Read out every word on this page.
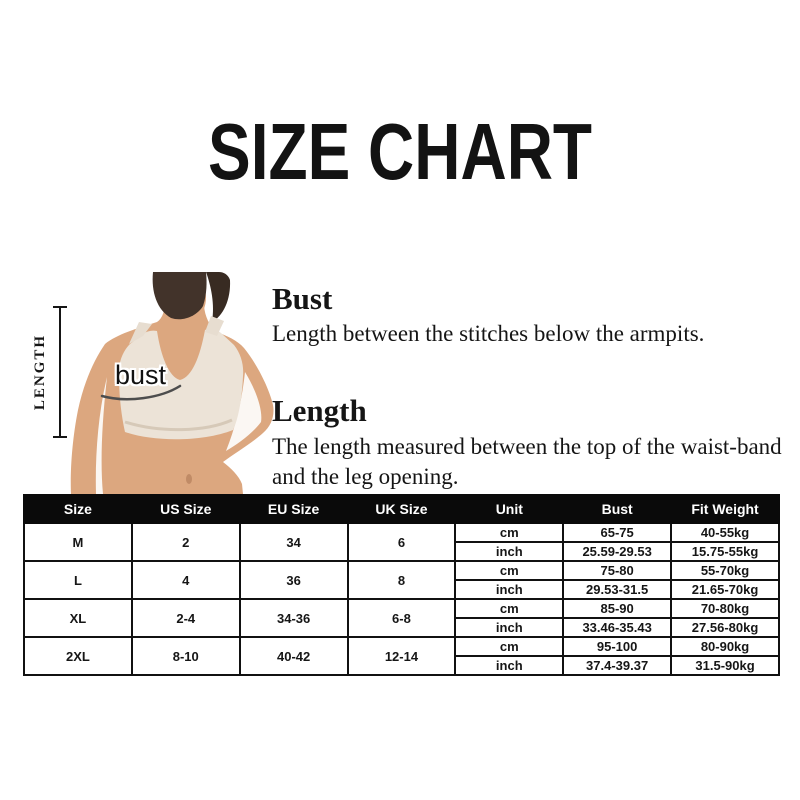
SIZE CHART
LENGTH bust
Bust
Length between the stitches below the armpits.
Length
The length measured between the top of the waist-band and the leg opening.
Size	US Size	EU Size	UK Size	Unit	Bust	Fit Weight
M	2	34	6	cm	65-75	40-55kg
				inch	25.59-29.53	15.75-55kg
L	4	36	8	cm	75-80	55-70kg
				inch	29.53-31.5	21.65-70kg
XL	2-4	34-36	6-8	cm	85-90	70-80kg
				inch	33.46-35.43	27.56-80kg
2XL	8-10	40-42	12-14	cm	95-100	80-90kg
				inch	37.4-39.37	31.5-90kg
